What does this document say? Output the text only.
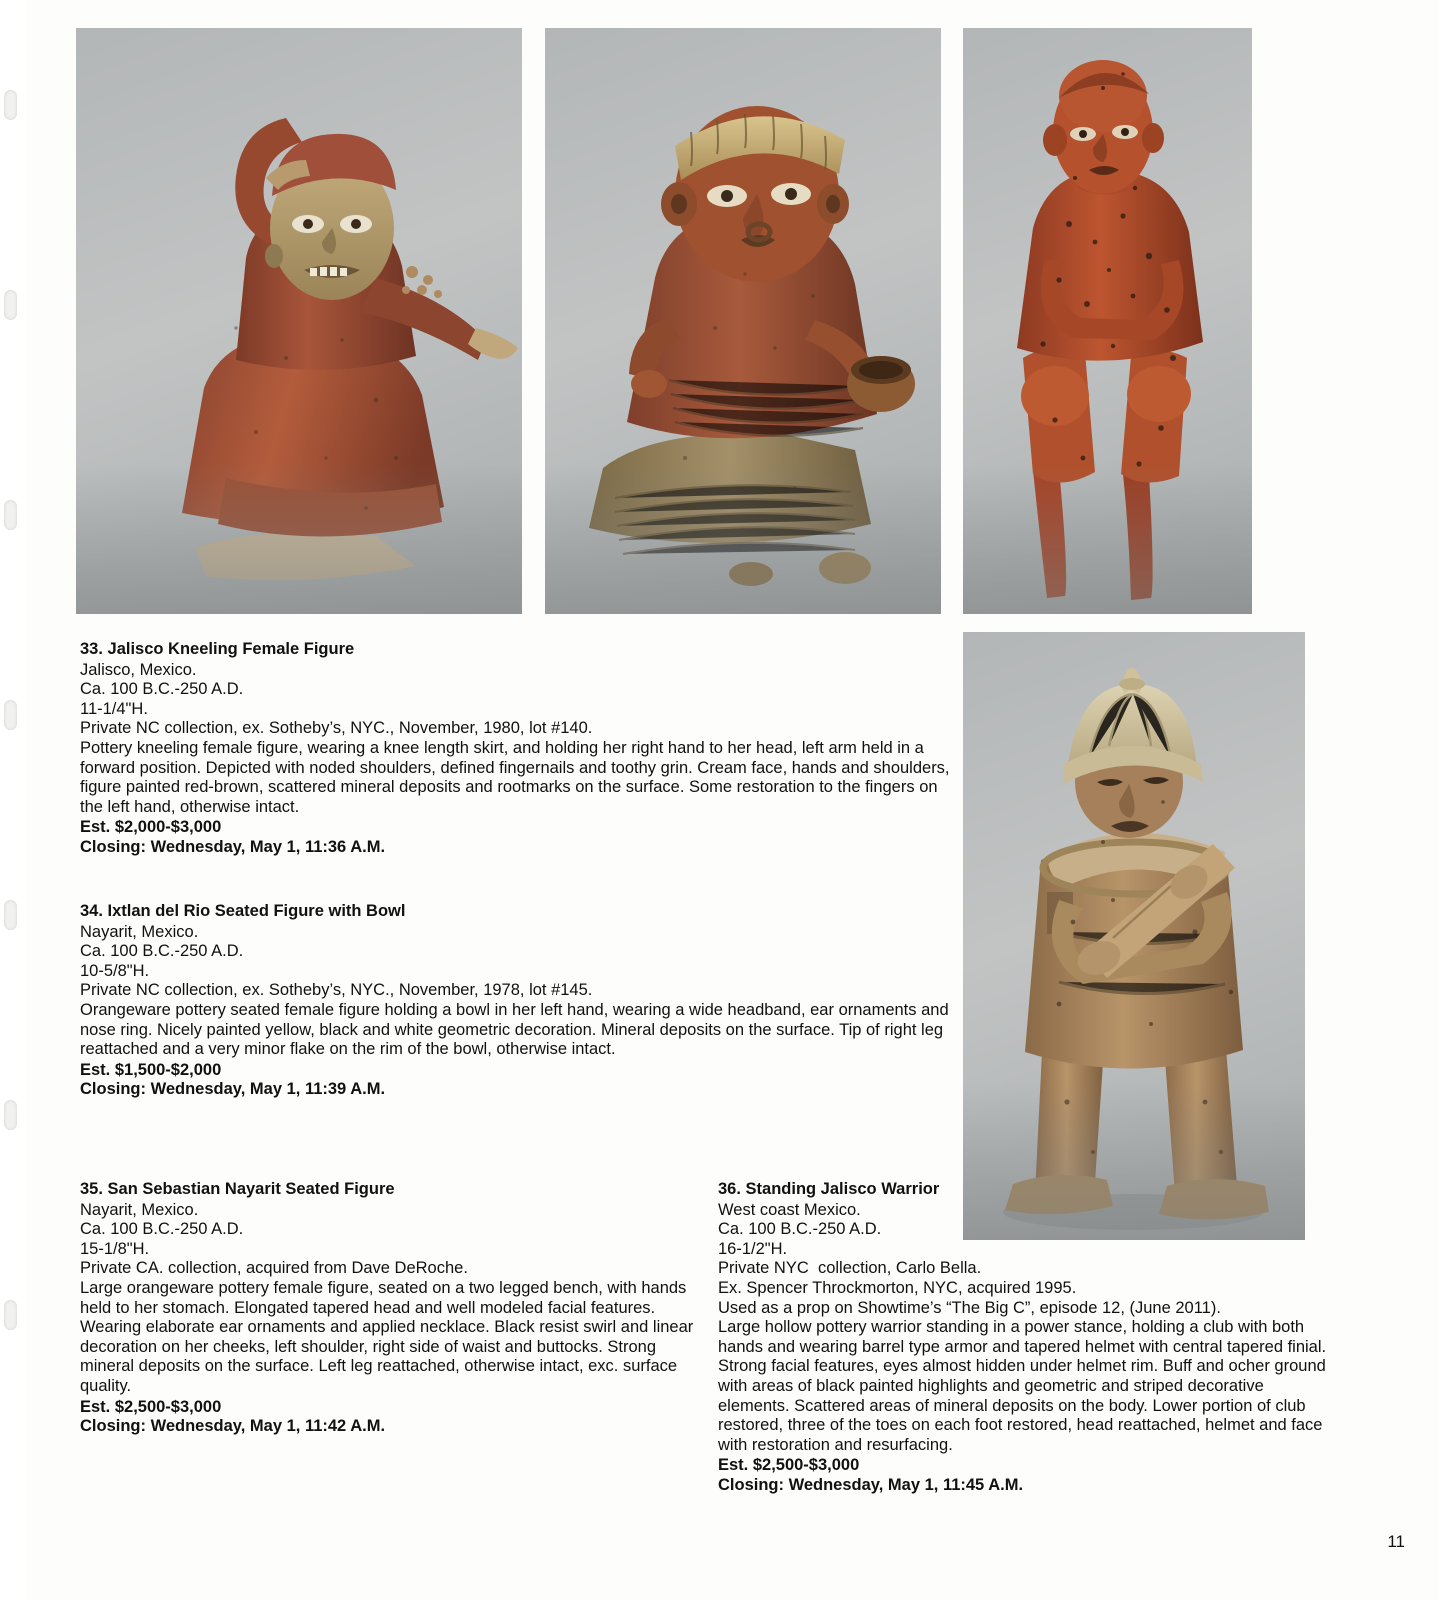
33. Jalisco Kneeling Female Figure
Jalisco, Mexico.
Ca. 100 B.C.-250 A.D.
11-1/4"H.
Private NC collection, ex. Sotheby’s, NYC., November, 1980, lot #140.
Pottery kneeling female figure, wearing a knee length skirt, and holding her right hand to her head, left arm held in a forward position. Depicted with noded shoulders, defined fingernails and toothy grin. Cream face, hands and shoulders, figure painted red-brown, scattered mineral deposits and rootmarks on the surface. Some restoration to the fingers on the left hand, otherwise intact.
Est. $2,000-$3,000
Closing: Wednesday, May 1, 11:36 A.M.
34. Ixtlan del Rio Seated Figure with Bowl
Nayarit, Mexico.
Ca. 100 B.C.-250 A.D.
10-5/8"H.
Private NC collection, ex. Sotheby’s, NYC., November, 1978, lot #145.
Orangeware pottery seated female figure holding a bowl in her left hand, wearing a wide headband, ear ornaments and nose ring. Nicely painted yellow, black and white geometric decoration. Mineral deposits on the surface. Tip of right leg reattached and a very minor flake on the rim of the bowl, otherwise intact.
Est. $1,500-$2,000
Closing: Wednesday, May 1, 11:39 A.M.
35. San Sebastian Nayarit Seated Figure
Nayarit, Mexico.
Ca. 100 B.C.-250 A.D.
15-1/8"H.
Private CA. collection, acquired from Dave DeRoche.
Large orangeware pottery female figure, seated on a two legged bench, with hands held to her stomach. Elongated tapered head and well modeled facial features. Wearing elaborate ear ornaments and applied necklace. Black resist swirl and linear decoration on her cheeks, left shoulder, right side of waist and buttocks. Strong mineral deposits on the surface. Left leg reattached, otherwise intact, exc. surface quality.
Est. $2,500-$3,000
Closing: Wednesday, May 1, 11:42 A.M.
36. Standing Jalisco Warrior
West coast Mexico.
Ca. 100 B.C.-250 A.D.
16-1/2"H.
Private NYC  collection, Carlo Bella.
Ex. Spencer Throckmorton, NYC, acquired 1995.
Used as a prop on Showtime’s “The Big C”, episode 12, (June 2011).
Large hollow pottery warrior standing in a power stance, holding a club with both hands and wearing barrel type armor and tapered helmet with central tapered finial. Strong facial features, eyes almost hidden under helmet rim. Buff and ocher ground with areas of black painted highlights and geometric and striped decorative elements. Scattered areas of mineral deposits on the body. Lower portion of club restored, three of the toes on each foot restored, head reattached, helmet and face with restoration and resurfacing.
Est. $2,500-$3,000
Closing: Wednesday, May 1, 11:45 A.M.
11
